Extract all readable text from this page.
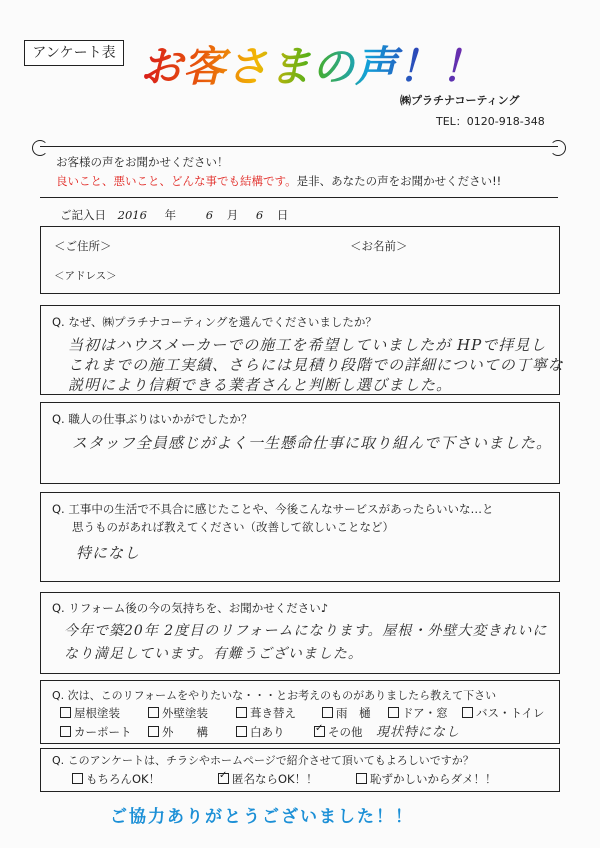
アンケート表 お客さまの声！！
㈱プラチナコーティング
TEL：0120-918-348
お客様の声をお聞かせください！
良いこと、悪いこと、どんな事でも結構です。是非、あなたの声をお聞かせください!!
ご記入日 2016 年	6 月 6 日
＜ご住所＞	＜お名前＞
＜アドレス＞
Q. なぜ、㈱プラチナコーティングを選んでくださいましたか？
当初はハウスメーカーでの施工を希望していましたが HPで拝見し
これまでの施工実績、さらには見積り段階での詳細についての丁寧な
説明により信頼できる業者さんと判断し選びました。
Q. 職人の仕事ぶりはいかがでしたか？
スタッフ全員感じがよく一生懸命仕事に取り組んで下さいました。
Q. 工事中の生活で不具合に感じたことや、今後こんなサービスがあったらいいな…と
思うものがあれば教えてください（改善して欲しいことなど）
特になし
Q. リフォーム後の今の気持ちを、お聞かせください♪
今年で築20年 2度目のリフォームになります。屋根・外壁大変きれいに
なり満足しています。有難うございました。
Q. 次は、このリフォームをやりたいな・・・とお考えのものがありましたら教えて下さい
屋根塗装	外壁塗装	葺き替え	雨　樋	ドア・窓	バス・トイレ
カーポート	外　　構	白あり ✓	その他 現状特になし
Q. このアンケートは、チラシやホームページで紹介させて頂いてもよろしいですか？
もちろんOK！ ✓	匿名ならOK！！	恥ずかしいからダメ！！
ご協力ありがとうございました！！
